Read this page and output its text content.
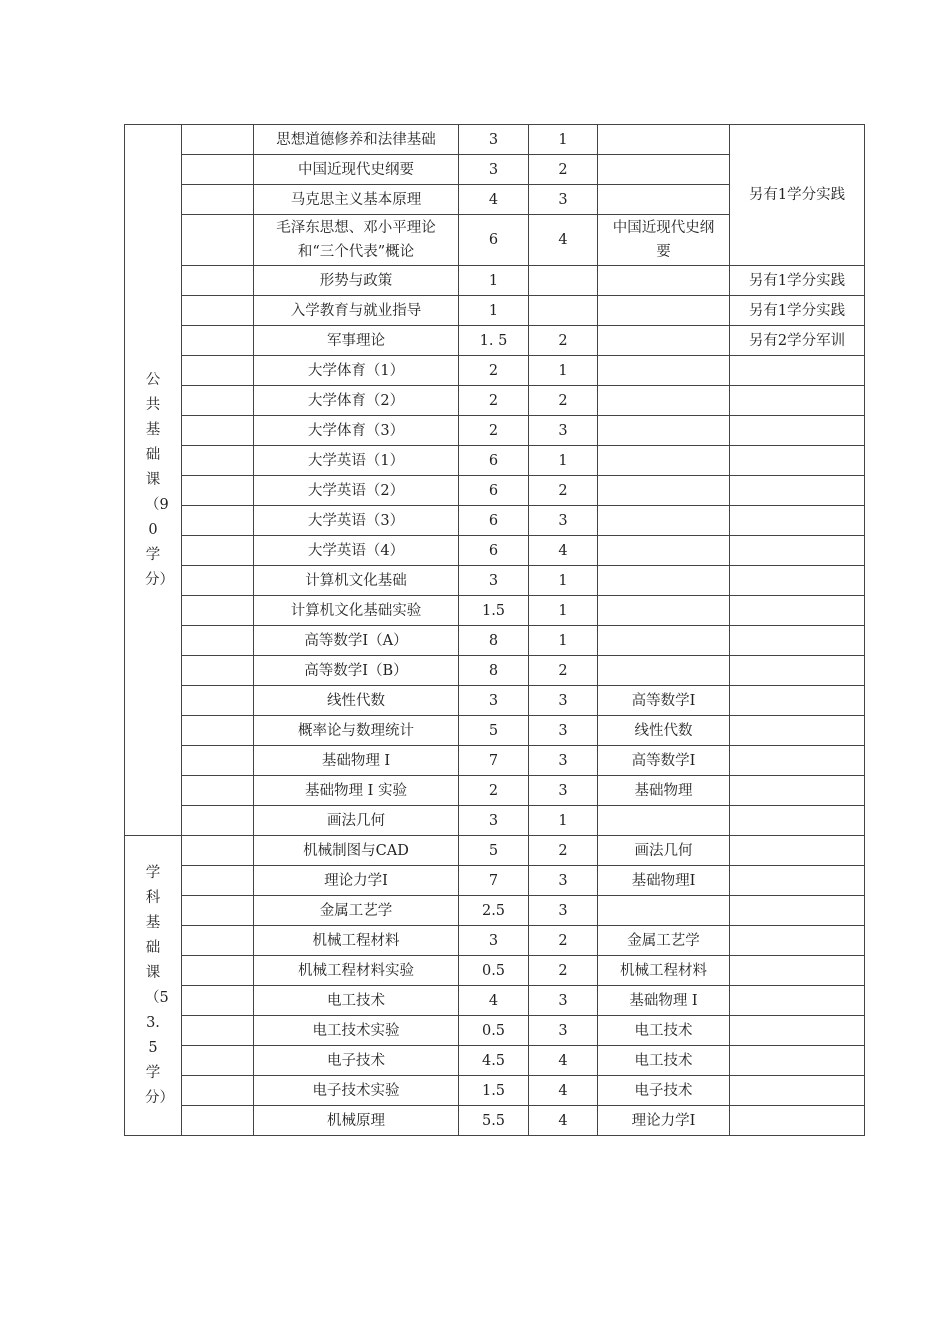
公共基础课（90学分）		思想道德修养和法律基础	3	1		另有1学分实践
		中国近现代史纲要	3	2		
		马克思主义基本原理	4	3		
		毛泽东思想、邓小平理论和“三个代表”概论	6	4	中国近现代史纲要	
		形势与政策	1			另有1学分实践
		入学教育与就业指导	1			另有1学分实践
		军事理论	1. 5	2		另有2学分军训
		大学体育（1）	2	1		
		大学体育（2）	2	2		
		大学体育（3）	2	3		
		大学英语（1）	6	1		
		大学英语（2）	6	2		
		大学英语（3）	6	3		
		大学英语（4）	6	4		
		计算机文化基础	3	1		
		计算机文化基础实验	1.5	1		
		高等数学Ⅰ（A）	8	1		
		高等数学Ⅰ（B）	8	2		
		线性代数	3	3	高等数学Ⅰ	
		概率论与数理统计	5	3	线性代数	
		基础物理 Ⅰ	7	3	高等数学Ⅰ	
		基础物理 Ⅰ 实验	2	3	基础物理	
		画法几何	3	1		
学科基础课（53.5学分）		机械制图与CAD	5	2	画法几何	
		理论力学Ⅰ	7	3	基础物理Ⅰ	
		金属工艺学	2.5	3		
		机械工程材料	3	2	金属工艺学	
		机械工程材料实验	0.5	2	机械工程材料	
		电工技术	4	3	基础物理 Ⅰ	
		电工技术实验	0.5	3	电工技术	
		电子技术	4.5	4	电工技术	
		电子技术实验	1.5	4	电子技术	
		机械原理	5.5	4	理论力学Ⅰ	
